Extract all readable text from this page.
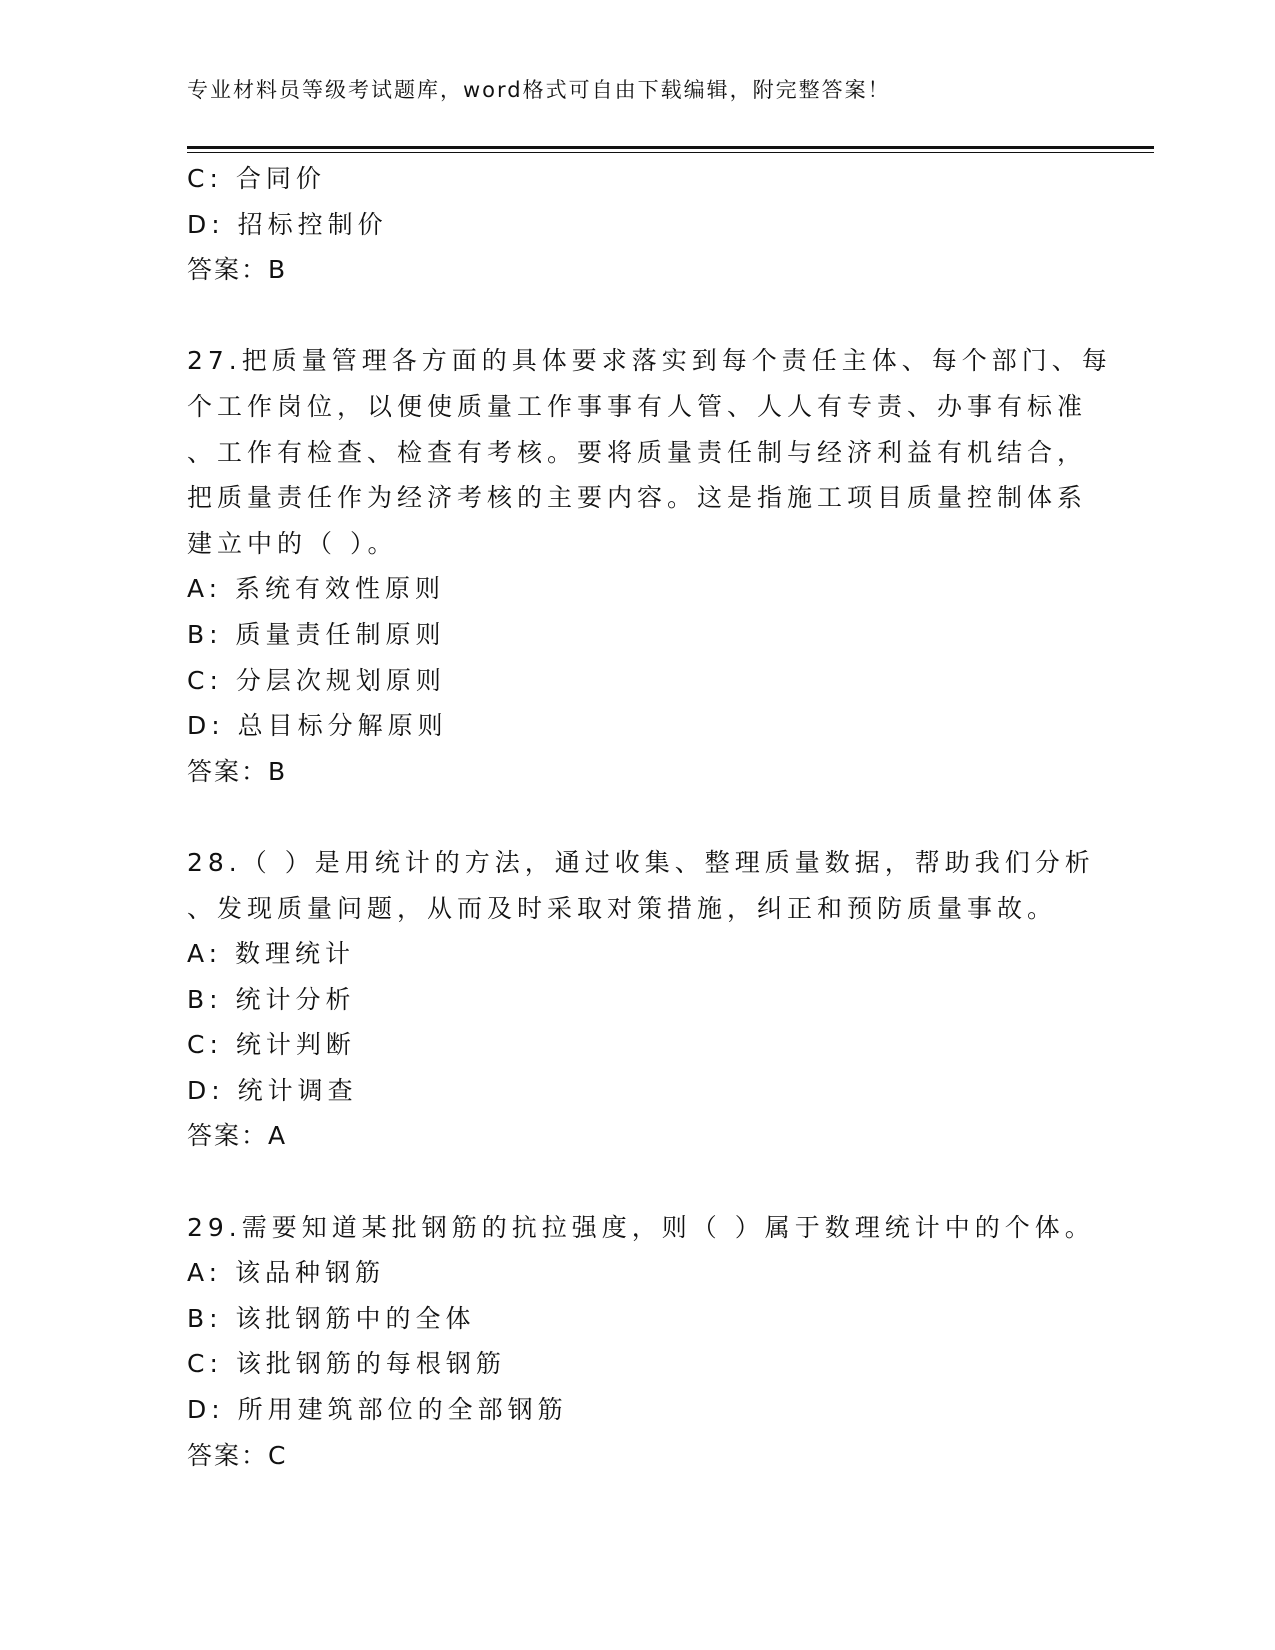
专业材料员等级考试题库，word格式可自由下载编辑，附完整答案！
C: 合同价
D: 招标控制价
答案：B
27.把质量管理各方面的具体要求落实到每个责任主体、每个部门、每
个工作岗位，以便使质量工作事事有人管、人人有专责、办事有标准
、工作有检查、检查有考核。要将质量责任制与经济利益有机结合，
把质量责任作为经济考核的主要内容。这是指施工项目质量控制体系
建立中的（ ）。
A: 系统有效性原则
B: 质量责任制原则
C: 分层次规划原则
D: 总目标分解原则
答案：B
28.（ ）是用统计的方法，通过收集、整理质量数据，帮助我们分析
、发现质量问题，从而及时采取对策措施，纠正和预防质量事故。
A: 数理统计
B: 统计分析
C: 统计判断
D: 统计调查
答案：A
29.需要知道某批钢筋的抗拉强度，则（ ）属于数理统计中的个体。
A: 该品种钢筋
B: 该批钢筋中的全体
C: 该批钢筋的每根钢筋
D: 所用建筑部位的全部钢筋
答案：C
